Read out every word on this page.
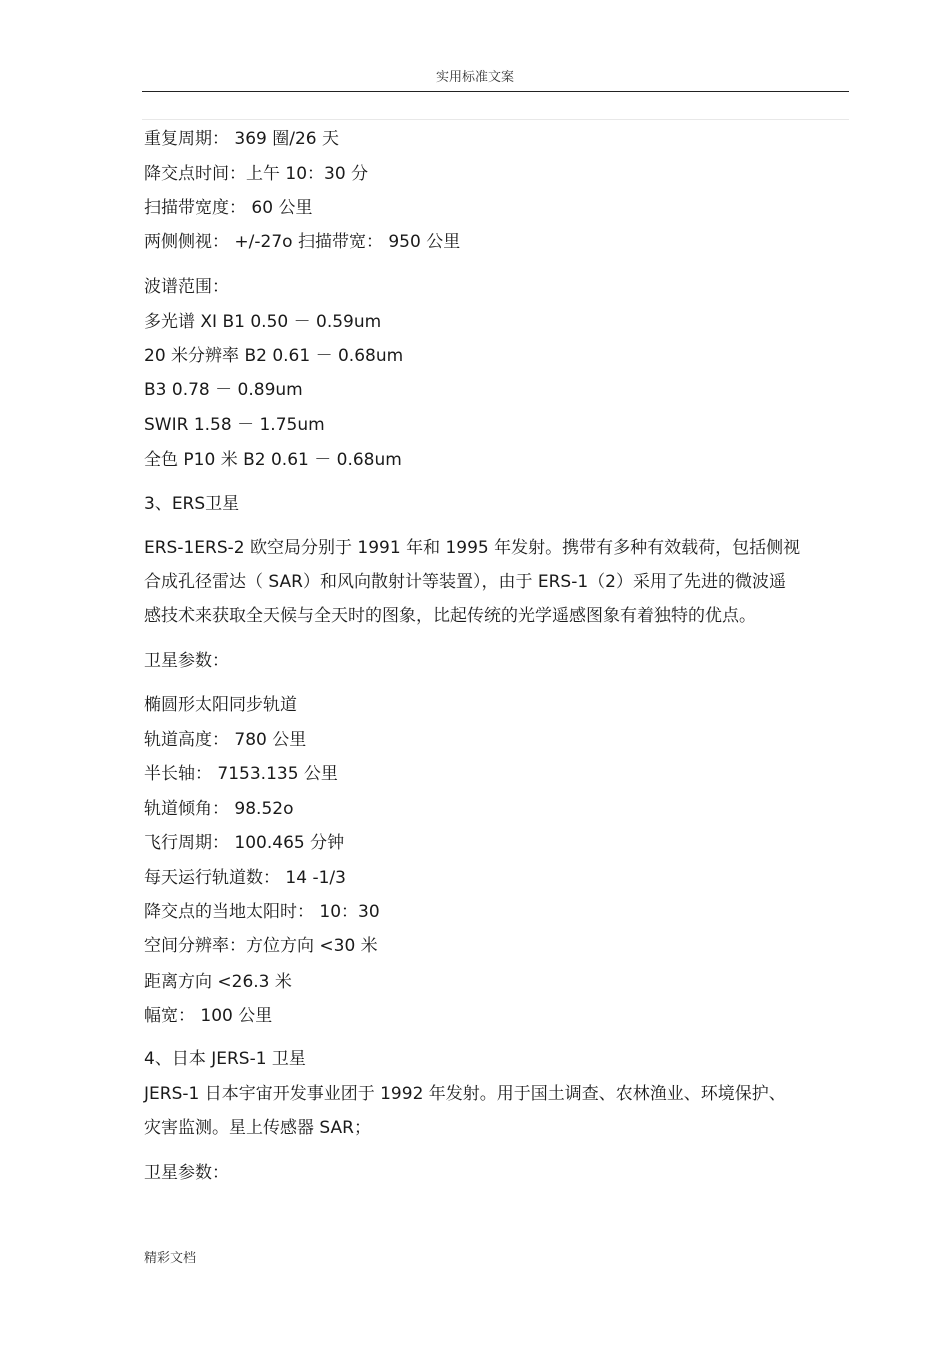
实用标准文案
重复周期： 369 圈/26 天
降交点时间：上午 10：30 分
扫描带宽度： 60 公里
两侧侧视： +/-27o 扫描带宽： 950 公里
波谱范围：
多光谱 XI B1 0.50 － 0.59um
20 米分辨率 B2 0.61 － 0.68um
B3 0.78 － 0.89um
SWIR 1.58 － 1.75um
全色 P10 米 B2 0.61 － 0.68um
3、ERS卫星
ERS-1ERS-2 欧空局分别于 1991 年和 1995 年发射。携带有多种有效载荷，包括侧视
合成孔径雷达（ SAR）和风向散射计等装置），由于 ERS-1（2）采用了先进的微波遥
感技术来获取全天候与全天时的图象，比起传统的光学遥感图象有着独特的优点。
卫星参数：
椭圆形太阳同步轨道
轨道高度： 780 公里
半长轴： 7153.135 公里
轨道倾角： 98.52o
飞行周期： 100.465 分钟
每天运行轨道数： 14 -1/3
降交点的当地太阳时： 10：30
空间分辨率：方位方向 <30 米
距离方向 <26.3 米
幅宽： 100 公里
4、日本 JERS-1 卫星
JERS-1 日本宇宙开发事业团于 1992 年发射。用于国土调查、农林渔业、环境保护、
灾害监测。星上传感器 SAR；
卫星参数：
精彩文档
